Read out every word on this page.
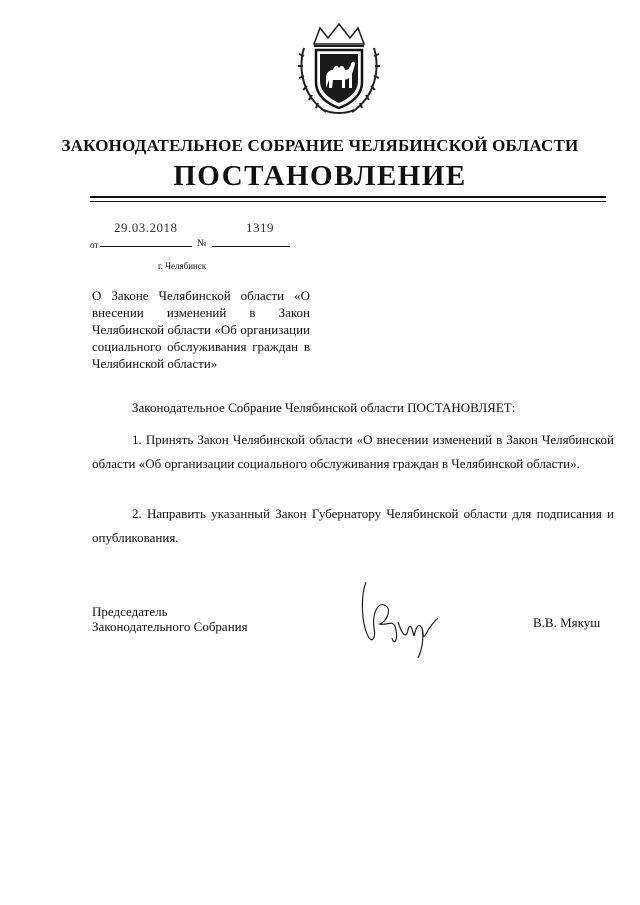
ЗАКОНОДАТЕЛЬНОЕ СОБРАНИЕ ЧЕЛЯБИНСКОЙ ОБЛАСТИ
ПОСТАНОВЛЕНИЕ
от
29.03.2018
№
1319
г. Челябинск
О Законе Челябинской области «О внесении изменений в Закон Челябинской области «Об организации социального обслуживания граждан в Челябинской области»
Законодательное Собрание Челябинской области ПОСТАНОВЛЯЕТ:
1. Принять Закон Челябинской области «О внесении изменений в Закон Челябинской области «Об организации социального обслуживания граждан в Челябинской области».
2. Направить указанный Закон Губернатору Челябинской области для подписания и опубликования.
Председатель
Законодательного Собрания	В.В. Мякуш
